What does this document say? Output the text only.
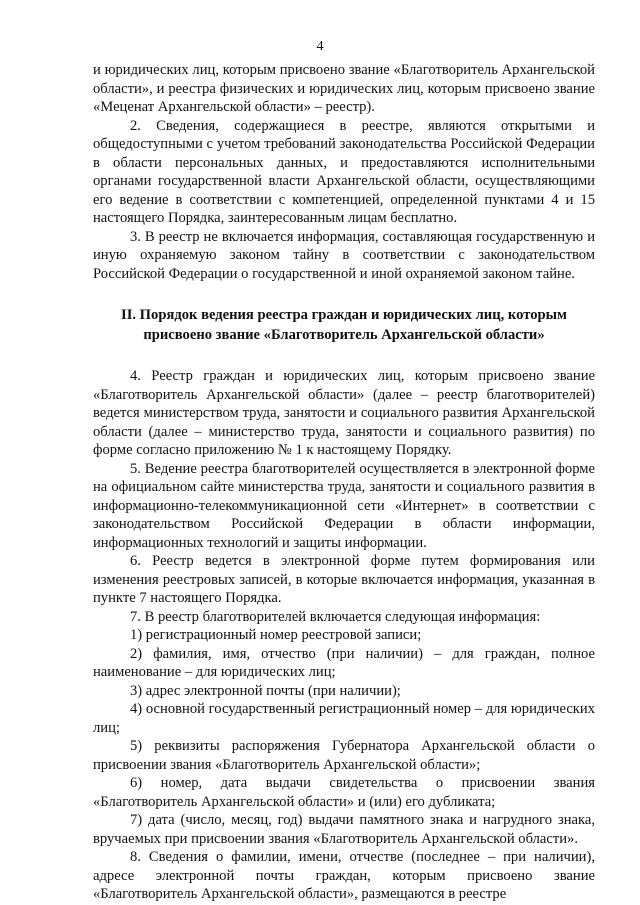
4

и юридических лиц, которым присвоено звание «Благотворитель Архангельской области», и реестра физических и юридических лиц, которым присвоено звание «Меценат Архангельской области» – реестр).

2. Сведения, содержащиеся в реестре, являются открытыми и общедоступными с учетом требований законодательства Российской Федерации в области персональных данных, и предоставляются исполнительными органами государственной власти Архангельской области, осуществляющими его ведение в соответствии с компетенцией, определенной пунктами 4 и 15 настоящего Порядка, заинтересованным лицам бесплатно.

3. В реестр не включается информация, составляющая государственную и иную охраняемую законом тайну в соответствии с законодательством Российской Федерации о государственной и иной охраняемой законом тайне.

II. Порядок ведения реестра граждан и юридических лиц, которым присвоено звание «Благотворитель Архангельской области»

4. Реестр граждан и юридических лиц, которым присвоено звание «Благотворитель Архангельской области» (далее – реестр благотворителей) ведется министерством труда, занятости и социального развития Архангельской области (далее – министерство труда, занятости и социального развития) по форме согласно приложению № 1 к настоящему Порядку.

5. Ведение реестра благотворителей осуществляется в электронной форме на официальном сайте министерства труда, занятости и социального развития в информационно-телекоммуникационной сети «Интернет» в соответствии с законодательством Российской Федерации в области информации, информационных технологий и защиты информации.

6. Реестр ведется в электронной форме путем формирования или изменения реестровых записей, в которые включается информация, указанная в пункте 7 настоящего Порядка.

7. В реестр благотворителей включается следующая информация:

1) регистрационный номер реестровой записи;

2) фамилия, имя, отчество (при наличии) – для граждан, полное наименование – для юридических лиц;

3) адрес электронной почты (при наличии);

4) основной государственный регистрационный номер – для юридических лиц;

5) реквизиты распоряжения Губернатора Архангельской области о присвоении звания «Благотворитель Архангельской области»;

6) номер, дата выдачи свидетельства о присвоении звания «Благотворитель Архангельской области» и (или) его дубликата;

7) дата (число, месяц, год) выдачи памятного знака и нагрудного знака, вручаемых при присвоении звания «Благотворитель Архангельской области».

8. Сведения о фамилии, имени, отчестве (последнее – при наличии), адресе электронной почты граждан, которым присвоено звание «Благотворитель Архангельской области», размещаются в реестре
